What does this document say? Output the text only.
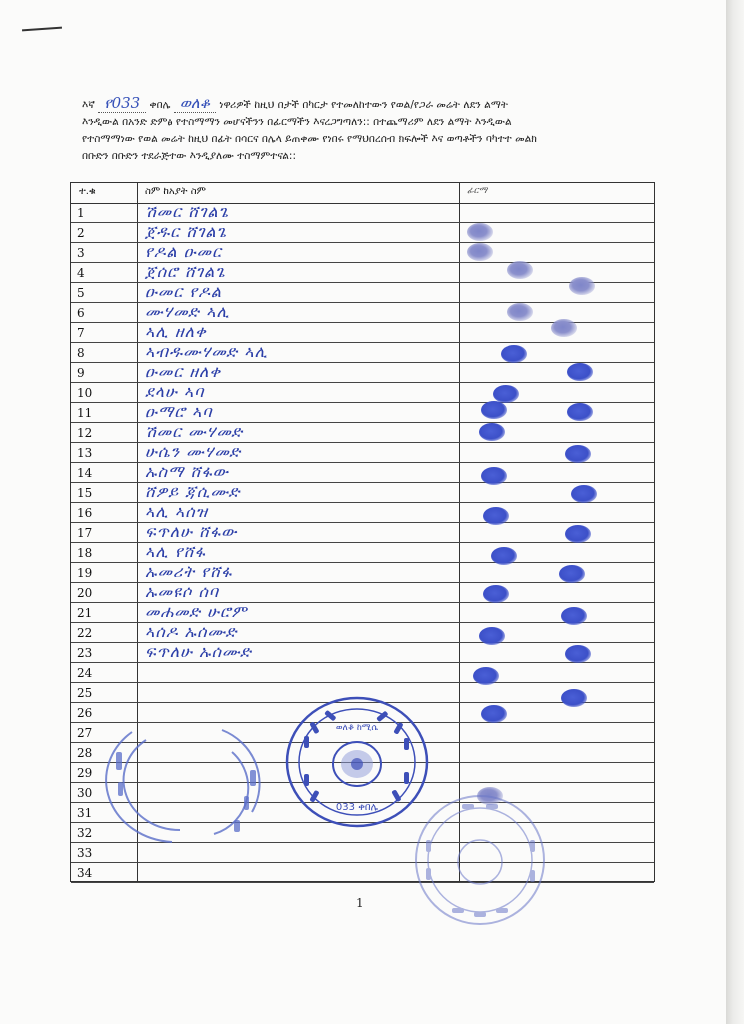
እኛ የ033 ቀበሌ ወለቆ ነዋሪዎች ከዚህ በታች በካርታ የተመለከተውን የወል/የጋራ መሬት ለደን ልማት
እንዲውል በአንድ ድምፅ የተስማማን መሆናችንን በፊርማችን እናረጋግጣለን:: በተጨማሪም ለደን ልማት እንዲውል
የተስማማነው የወል መሬት ከዚህ በፊት በሳርና በሌላ ይጠቀሙ የነበሩ የማህበረሰብ ክፍሎች እና ወጣቶችን ባካተተ መልክ
በቡድን በቡድን ተደራጅተው እንዲያለሙ ተስማምተናል::
ተ.ቁ	ስም ከአያት ስም	ፊርማ
1	ሽመር ሸገልጌ
2	ጀዱር ሸገልጌ
3	የዶል ዑመር
4	ጀሰሮ ሸገልጌ
5	ዑመር የዶል
6	ሙሃመድ ኣሊ
7	ኣሊ ዘለቀ
8	ኣብዱሙሃመድ ኣሊ
9	ዑመር ዘለቀ
10	ደላሁ ኣባ
11	ዑማሮ ኣባ
12	ሽመር ሙሃመድ
13	ሁሴን ሙሃመድ
14	ኡስማ ሸፋው
15	ሸዎይ ጃሲሙድ
16	ኣሊ ኣሰዝ
17	ፍጥለሁ ሸፋው
18	ኣሊ የሸፋ
19	ኡመሪት የሸፋ
20	ኡመዩሶ ሰባ
21	መሐመድ ሁሮም
22	ኣሰዶ ኡሰሙድ
23	ፍጥለሁ ኡሰሙድ
24
25
26
27
28
29
30
31
32
33
34
ወለቆ ከሚሴ
033 ቀበሌ
1
